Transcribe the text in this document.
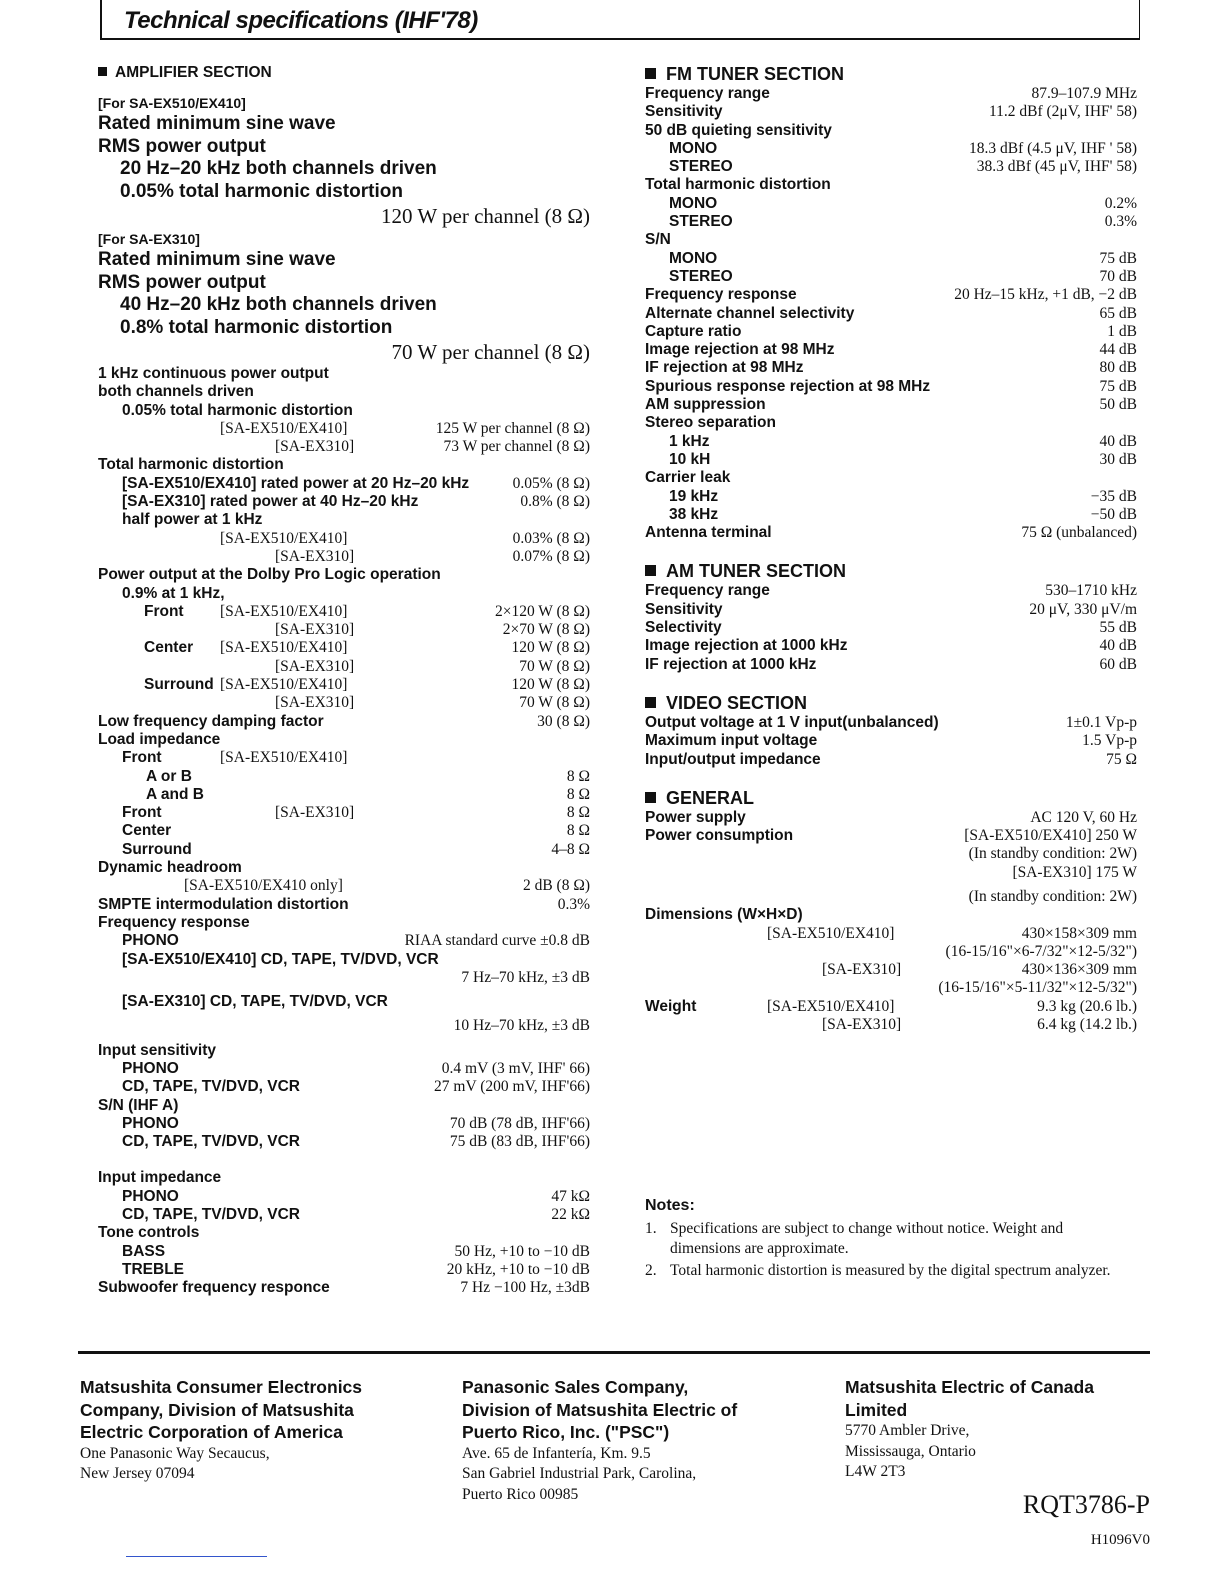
Technical specifications (IHF'78)
AMPLIFIER SECTION
[For SA-EX510/EX410]
Rated minimum sine wave
RMS power output
20 Hz–20 kHz both channels driven
0.05% total harmonic distortion
120 W per channel (8 Ω)
[For SA-EX310]
Rated minimum sine wave
RMS power output
40 Hz–20 kHz both channels driven
0.8% total harmonic distortion
70 W per channel (8 Ω)
1 kHz continuous power output
both channels driven
0.05% total harmonic distortion
[SA-EX510/EX410]	125 W per channel (8 Ω)
[SA-EX310]	73 W per channel (8 Ω)
Total harmonic distortion
[SA-EX510/EX410] rated power at 20 Hz–20 kHz	0.05% (8 Ω)
[SA-EX310] rated power at 40 Hz–20 kHz	0.8% (8 Ω)
half power at 1 kHz
[SA-EX510/EX410]	0.03% (8 Ω)
[SA-EX310]	0.07% (8 Ω)
Power output at the Dolby Pro Logic operation
0.9% at 1 kHz,
Front [SA-EX510/EX410]	2×120 W (8 Ω)
[SA-EX310]	2×70 W (8 Ω)
Center [SA-EX510/EX410]	120 W (8 Ω)
[SA-EX310]	70 W (8 Ω)
Surround [SA-EX510/EX410]	120 W (8 Ω)
[SA-EX310]	70 W (8 Ω)
Low frequency damping factor	30 (8 Ω)
Load impedance
Front	[SA-EX510/EX410]
A or B	8 Ω
A and B	8 Ω
Front	[SA-EX310]	8 Ω
Center	8 Ω
Surround	4–8 Ω
Dynamic headroom
[SA-EX510/EX410 only]	2 dB (8 Ω)
SMPTE intermodulation distortion	0.3%
Frequency response
PHONO	RIAA standard curve ±0.8 dB
[SA-EX510/EX410] CD, TAPE, TV/DVD, VCR
7 Hz–70 kHz, ±3 dB
[SA-EX310] CD, TAPE, TV/DVD, VCR
10 Hz–70 kHz, ±3 dB
Input sensitivity
PHONO	0.4 mV (3 mV, IHF' 66)
CD, TAPE, TV/DVD, VCR	27 mV (200 mV, IHF'66)
S/N (IHF A)
PHONO	70 dB (78 dB, IHF'66)
CD, TAPE, TV/DVD, VCR	75 dB (83 dB, IHF'66)
Input impedance
PHONO	47 kΩ
CD, TAPE, TV/DVD, VCR	22 kΩ
Tone controls
BASS	50 Hz, +10 to −10 dB
TREBLE	20 kHz, +10 to −10 dB
Subwoofer frequency responce	7 Hz −100 Hz, ±3dB
FM TUNER SECTION
Frequency range	87.9–107.9 MHz
Sensitivity	11.2 dBf (2μV, IHF' 58)
50 dB quieting sensitivity
MONO	18.3 dBf (4.5 μV, IHF ' 58)
STEREO	38.3 dBf (45 μV, IHF' 58)
Total harmonic distortion
MONO	0.2%
STEREO	0.3%
S/N
MONO	75 dB
STEREO	70 dB
Frequency response	20 Hz–15 kHz, +1 dB, −2 dB
Alternate channel selectivity	65 dB
Capture ratio	1 dB
Image rejection at 98 MHz	44 dB
IF rejection at 98 MHz	80 dB
Spurious response rejection at 98 MHz	75 dB
AM suppression	50 dB
Stereo separation
1 kHz	40 dB
10 kH	30 dB
Carrier leak
19 kHz	−35 dB
38 kHz	−50 dB
Antenna terminal	75 Ω (unbalanced)
AM TUNER SECTION
Frequency range	530–1710 kHz
Sensitivity	20 μV, 330 μV/m
Selectivity	55 dB
Image rejection at 1000 kHz	40 dB
IF rejection at 1000 kHz	60 dB
VIDEO SECTION
Output voltage at 1 V input(unbalanced)	1±0.1 Vp-p
Maximum input voltage	1.5 Vp-p
Input/output impedance	75 Ω
GENERAL
Power supply	AC 120 V, 60 Hz
Power consumption	[SA-EX510/EX410] 250 W
(In standby condition: 2W)
[SA-EX310] 175 W
(In standby condition: 2W)
Dimensions (W×H×D)
[SA-EX510/EX410]	430×158×309 mm
(16-15/16"×6-7/32"×12-5/32")
[SA-EX310]	430×136×309 mm
(16-15/16"×5-11/32"×12-5/32")
Weight	[SA-EX510/EX410]	9.3 kg (20.6 lb.)
[SA-EX310]	6.4 kg (14.2 lb.)
Notes:
1. Specifications are subject to change without notice. Weight and dimensions are approximate.
2. Total harmonic distortion is measured by the digital spectrum analyzer.
Matsushita Consumer Electronics
Company, Division of Matsushita
Electric Corporation of America
One Panasonic Way Secaucus,
New Jersey 07094
Panasonic Sales Company,
Division of Matsushita Electric of
Puerto Rico, Inc. ("PSC")
Ave. 65 de Infantería, Km. 9.5
San Gabriel Industrial Park, Carolina,
Puerto Rico 00985
Matsushita Electric of Canada
Limited
5770 Ambler Drive,
Mississauga, Ontario
L4W 2T3
RQT3786-P
H1096V0
